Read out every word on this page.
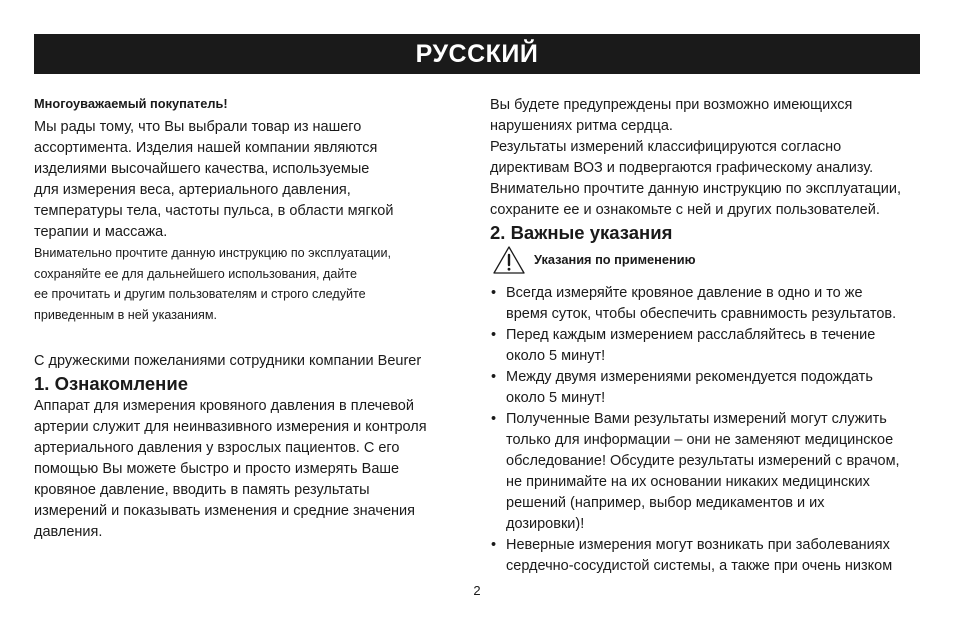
РУССКИЙ

Многоуважаемый покупатель!

Мы рады тому, что Вы выбрали товар из нашего
ассортимента. Изделия нашей компании являются
изделиями высочайшего качества, используемые
для измерения веса, артериального давления,
температуры тела, частоты пульса, в области мягкой
терапии и массажа.

Внимательно прочтите данную инструкцию по эксплуатации,
сохраняйте ее для дальнейшего использования, дайте
ее прочитать и другим пользователям и строго следуйте
приведенным в ней указаниям.

С дружескими пожеланиями сотрудники компании Beurer

1. Ознакомление

Аппарат для измерения кровяного давления в плечевой
артерии служит для неинвазивного измерения и контроля
артериального давления у взрослых пациентов. С его
помощью Вы можете быстро и просто измерять Ваше
кровяное давление, вводить в память результаты
измерений и показывать изменения и средние значения
давления.

Вы будете предупреждены при возможно имеющихся
нарушениях ритма сердца.
Результаты измерений классифицируются согласно
директивам ВОЗ и подвергаются графическому анализу.
Внимательно прочтите данную инструкцию по эксплуатации,
сохраните ее и ознакомьте с ней и других пользователей.

2. Важные указания
Указания по применению
• Всегда измеряйте кровяное давление в одно и то же
время суток, чтобы обеспечить сравнимость результатов.
• Перед каждым измерением расслабляйтесь в течение
около 5 минут!
• Между двумя измерениями рекомендуется подождать
около 5 минут!
• Полученные Вами результаты измерений могут служить
только для информации – они не заменяют медицинское
обследование! Обсудите результаты измерений с врачом,
не принимайте на их основании никаких медицинских
решений (например, выбор медикаментов и их
дозировки)!
• Неверные измерения могут возникать при заболеваниях
сердечно-сосудистой системы, а также при очень низком
2
